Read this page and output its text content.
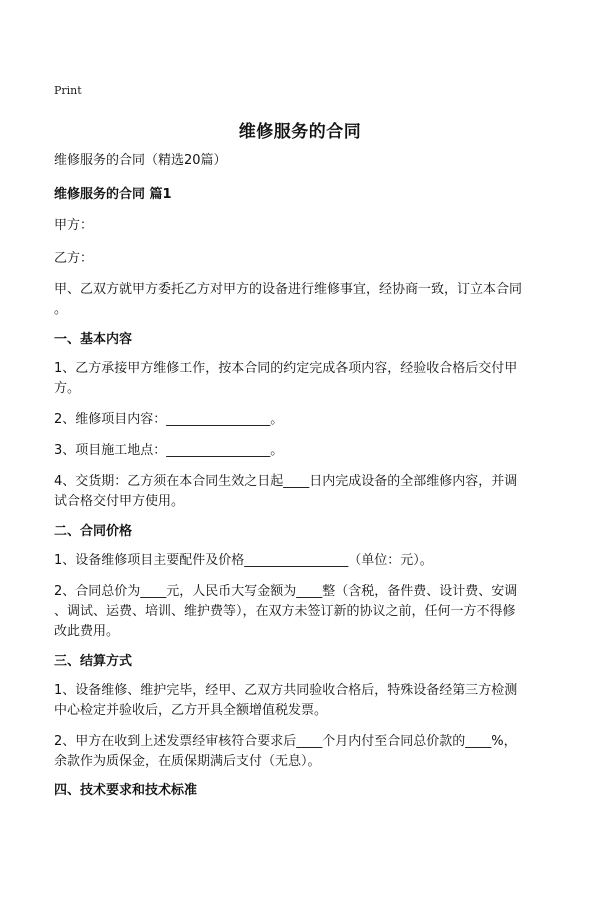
Print
维修服务的合同
维修服务的合同（精选20篇）
维修服务的合同 篇1
甲方：
乙方：
甲、乙双方就甲方委托乙方对甲方的设备进行维修事宜，经协商一致，订立本合同
。
一、基本内容
1、乙方承接甲方维修工作，按本合同的约定完成各项内容，经验收合格后交付甲
方。
2、维修项目内容：________________。
3、项目施工地点：________________。
4、交货期：乙方须在本合同生效之日起____日内完成设备的全部维修内容，并调
试合格交付甲方使用。
二、合同价格
1、设备维修项目主要配件及价格________________（单位：元）。
2、合同总价为____元，人民币大写金额为____整（含税，备件费、设计费、安调
、调试、运费、培训、维护费等），在双方未签订新的协议之前，任何一方不得修
改此费用。
三、结算方式
1、设备维修、维护完毕，经甲、乙双方共同验收合格后，特殊设备经第三方检测
中心检定并验收后，乙方开具全额增值税发票。
2、甲方在收到上述发票经审核符合要求后____个月内付至合同总价款的____%，
余款作为质保金，在质保期满后支付（无息）。
四、技术要求和技术标准
